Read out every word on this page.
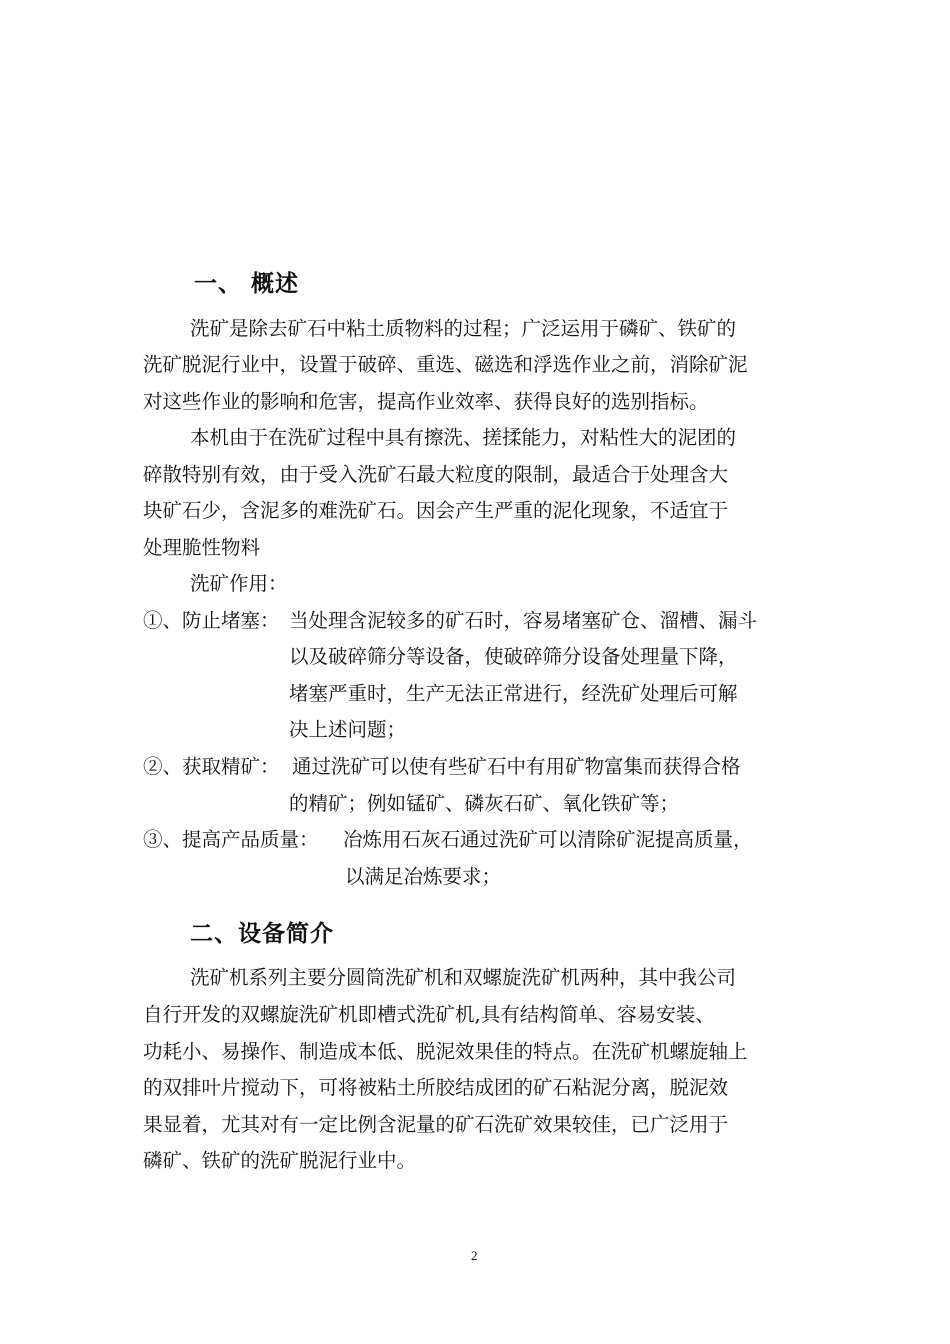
一、 概述
洗矿是除去矿石中粘土质物料的过程；广泛运用于磷矿、铁矿的
洗矿脱泥行业中，设置于破碎、重选、磁选和浮选作业之前，消除矿泥
对这些作业的影响和危害，提高作业效率、获得良好的选别指标。
本机由于在洗矿过程中具有擦洗、搓揉能力，对粘性大的泥团的
碎散特别有效，由于受入洗矿石最大粒度的限制，最适合于处理含大
块矿石少，含泥多的难洗矿石。因会产生严重的泥化现象，不适宜于
处理脆性物料
洗矿作用：
①、防止堵塞： 当处理含泥较多的矿石时，容易堵塞矿仓、溜槽、漏斗
以及破碎筛分等设备，使破碎筛分设备处理量下降，
堵塞严重时，生产无法正常进行，经洗矿处理后可解
决上述问题；
②、获取精矿： 通过洗矿可以使有些矿石中有用矿物富集而获得合格
的精矿；例如锰矿、磷灰石矿、氧化铁矿等；
③、提高产品质量： 冶炼用石灰石通过洗矿可以清除矿泥提高质量，
以满足冶炼要求；
二、设备简介
洗矿机系列主要分圆筒洗矿机和双螺旋洗矿机两种，其中我公司
自行开发的双螺旋洗矿机即槽式洗矿机,具有结构简单、容易安装、
功耗小、易操作、制造成本低、脱泥效果佳的特点。在洗矿机螺旋轴上
的双排叶片搅动下，可将被粘土所胶结成团的矿石粘泥分离，脱泥效
果显着，尤其对有一定比例含泥量的矿石洗矿效果较佳，已广泛用于
磷矿、铁矿的洗矿脱泥行业中。
2
